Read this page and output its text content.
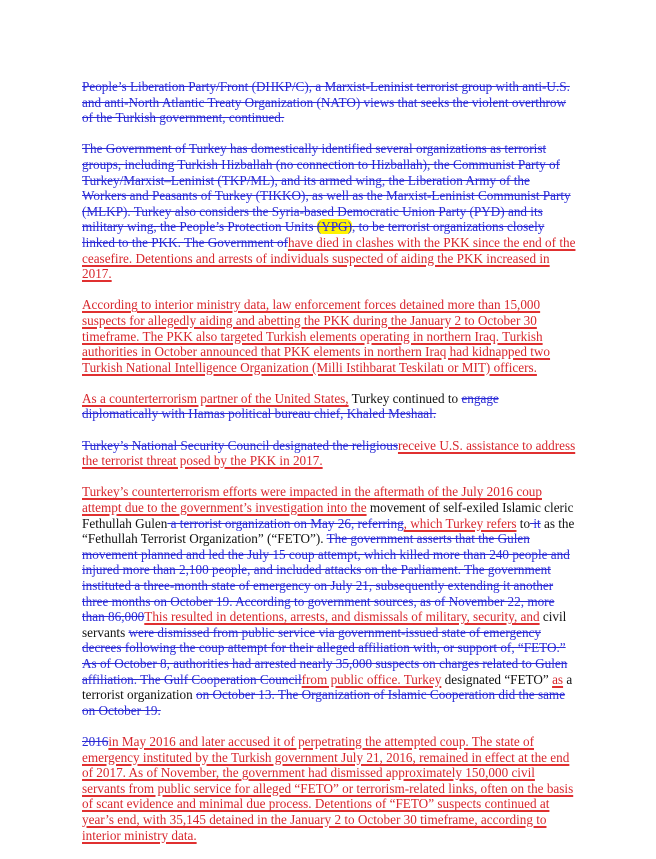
People’s Liberation Party/Front (DHKP/C), a Marxist-Leninist terrorist group with anti-U.S. and anti-North Atlantic Treaty Organization (NATO) views that seeks the violent overthrow of the Turkish government, continued.

The Government of Turkey has domestically identified several organizations as terrorist groups, including Turkish Hizballah (no connection to Hizballah), the Communist Party of Turkey/Marxist–Leninist (TKP/ML), and its armed wing, the Liberation Army of the Workers and Peasants of Turkey (TIKKO), as well as the Marxist-Leninist Communist Party (MLKP). Turkey also considers the Syria-based Democratic Union Party (PYD) and its military wing, the People’s Protection Units (YPG), to be terrorist organizations closely linked to the PKK. The Government ofhave died in clashes with the PKK since the end of the ceasefire. Detentions and arrests of individuals suspected of aiding the PKK increased in 2017.

According to interior ministry data, law enforcement forces detained more than 15,000 suspects for allegedly aiding and abetting the PKK during the January 2 to October 30 timeframe. The PKK also targeted Turkish elements operating in northern Iraq. Turkish authorities in October announced that PKK elements in northern Iraq had kidnapped two Turkish National Intelligence Organization (Milli Istihbarat Teskilatı or MIT) officers.

As a counterterrorism partner of the United States, Turkey continued to engage diplomatically with Hamas political bureau chief, Khaled Meshaal.

Turkey’s National Security Council designated the religiousreceive U.S. assistance to address the terrorist threat posed by the PKK in 2017.

Turkey’s counterterrorism efforts were impacted in the aftermath of the July 2016 coup attempt due to the government’s investigation into the movement of self-exiled Islamic cleric Fethullah Gulen a terrorist organization on May 26, referring, which Turkey refers to it as the “Fethullah Terrorist Organization” (“FETO”). The government asserts that the Gulen movement planned and led the July 15 coup attempt, which killed more than 240 people and injured more than 2,100 people, and included attacks on the Parliament. The government instituted a three-month state of emergency on July 21, subsequently extending it another three months on October 19. According to government sources, as of November 22, more than 86,000This resulted in detentions, arrests, and dismissals of military, security, and civil servants were dismissed from public service via government-issued state of emergency decrees following the coup attempt for their alleged affiliation with, or support of, “FETO.” As of October 8, authorities had arrested nearly 35,000 suspects on charges related to Gulen affiliation. The Gulf Cooperation Councilfrom public office. Turkey designated “FETO” as a terrorist organization on October 13. The Organization of Islamic Cooperation did the same on October 19.

2016in May 2016 and later accused it of perpetrating the attempted coup. The state of emergency instituted by the Turkish government July 21, 2016, remained in effect at the end of 2017. As of November, the government had dismissed approximately 150,000 civil servants from public service for alleged “FETO” or terrorism-related links, often on the basis of scant evidence and minimal due process. Detentions of “FETO” suspects continued at year’s end, with 35,145 detained in the January 2 to October 30 timeframe, according to interior ministry data.
